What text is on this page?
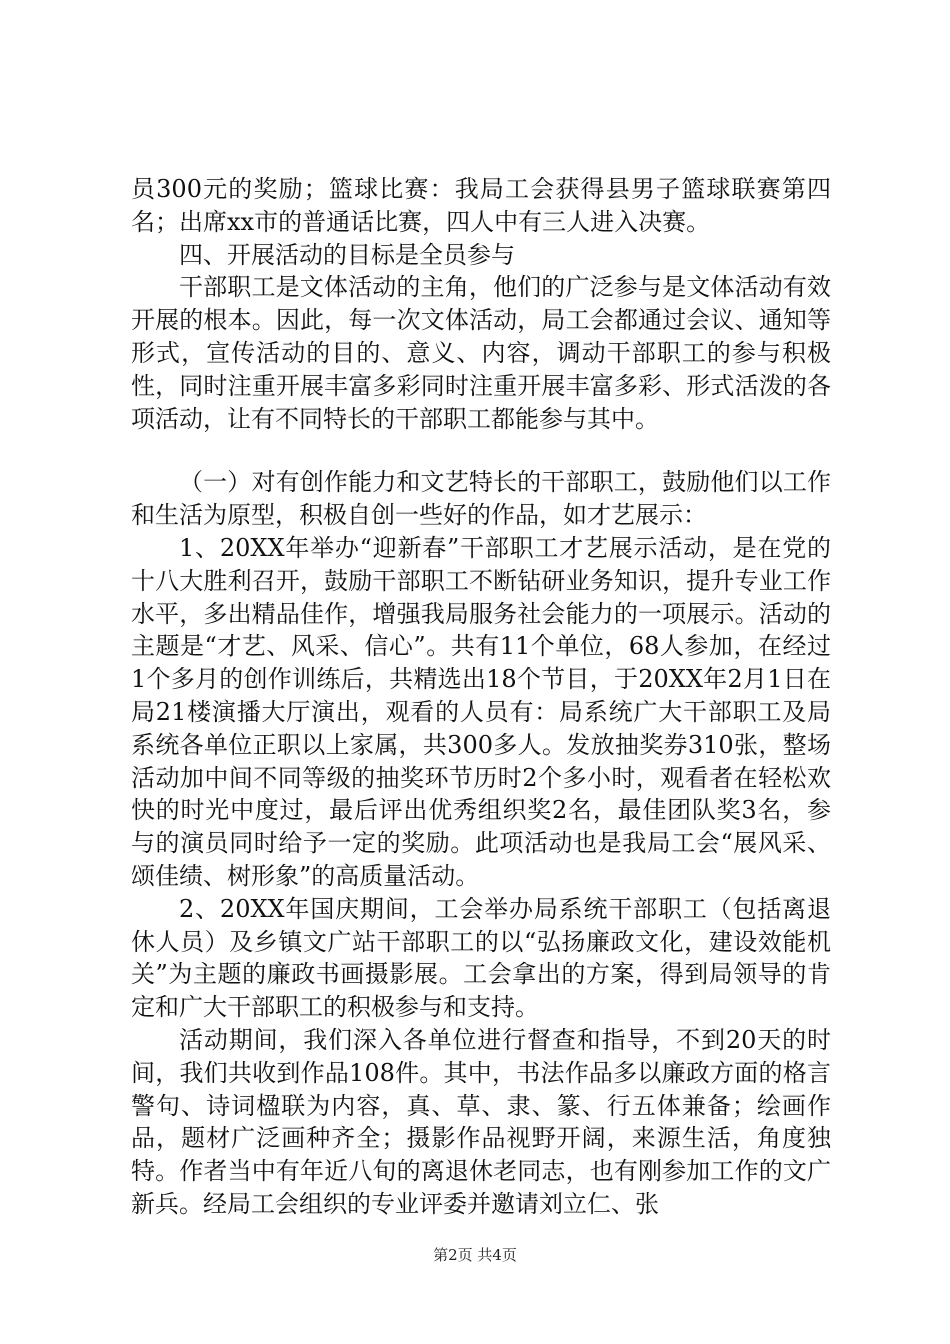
员300元的奖励；篮球比赛：我局工会获得县男子篮球联赛第四名；出席xx市的普通话比赛，四人中有三人进入决赛。

四、开展活动的目标是全员参与

干部职工是文体活动的主角，他们的广泛参与是文体活动有效开展的根本。因此，每一次文体活动，局工会都通过会议、通知等形式，宣传活动的目的、意义、内容，调动干部职工的参与积极性，同时注重开展丰富多彩同时注重开展丰富多彩、形式活泼的各项活动，让有不同特长的干部职工都能参与其中。

（一）对有创作能力和文艺特长的干部职工，鼓励他们以工作和生活为原型，积极自创一些好的作品，如才艺展示：

1、20XX年举办“迎新春”干部职工才艺展示活动，是在党的十八大胜利召开，鼓励干部职工不断钻研业务知识，提升专业工作水平，多出精品佳作，增强我局服务社会能力的一项展示。活动的主题是“才艺、风采、信心”。共有11个单位，68人参加，在经过1个多月的创作训练后，共精选出18个节目，于20XX年2月1日在局21楼演播大厅演出，观看的人员有：局系统广大干部职工及局系统各单位正职以上家属，共300多人。发放抽奖券310张，整场活动加中间不同等级的抽奖环节历时2个多小时，观看者在轻松欢快的时光中度过，最后评出优秀组织奖2名，最佳团队奖3名，参与的演员同时给予一定的奖励。此项活动也是我局工会“展风采、颂佳绩、树形象”的高质量活动。

2、20XX年国庆期间，工会举办局系统干部职工（包括离退休人员）及乡镇文广站干部职工的以“弘扬廉政文化，建设效能机关”为主题的廉政书画摄影展。工会拿出的方案，得到局领导的肯定和广大干部职工的积极参与和支持。

活动期间，我们深入各单位进行督查和指导，不到20天的时间，我们共收到作品108件。其中，书法作品多以廉政方面的格言警句、诗词楹联为内容，真、草、隶、篆、行五体兼备；绘画作品，题材广泛画种齐全；摄影作品视野开阔，来源生活，角度独特。作者当中有年近八旬的离退休老同志，也有刚参加工作的文广新兵。经局工会组织的专业评委并邀请刘立仁、张

第2页 共4页
